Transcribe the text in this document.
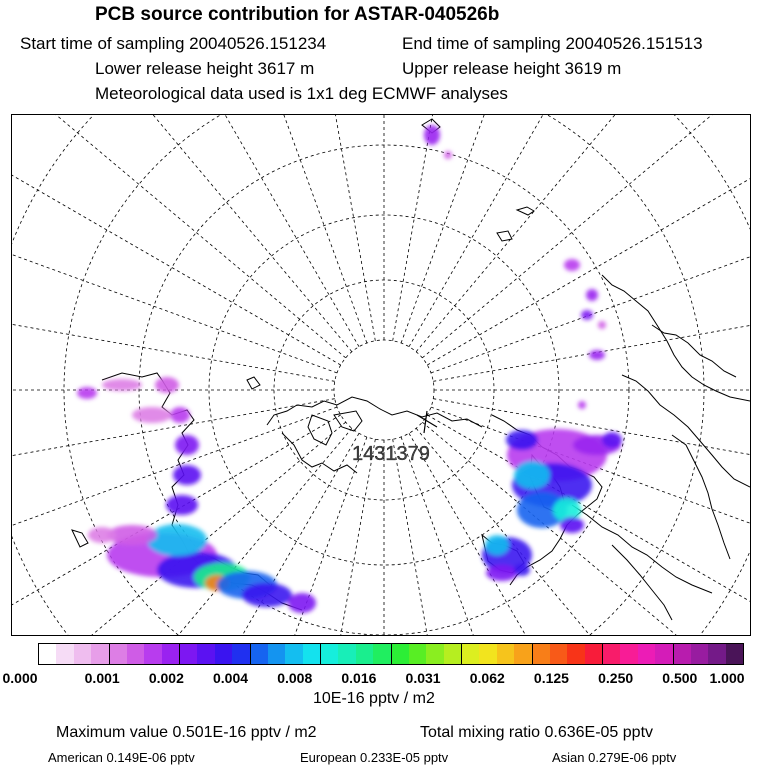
PCB source contribution for ASTAR-040526b
Start time of sampling 20040526.151234	End time of sampling 20040526.151513
Lower release height 3617 m	Upper release height 3619 m
Meteorological data used is 1x1 deg ECMWF analyses
1431379
0.000	0.001 0.002 0.004 0.008 0.016 0.031 0.062 0.125 0.250 0.500 1.000
10E-16 pptv / m2
Maximum value 0.501E-16 pptv / m2	Total mixing ratio 0.636E-05 pptv
American 0.149E-06 pptv	European 0.233E-05 pptv	Asian 0.279E-06 pptv
